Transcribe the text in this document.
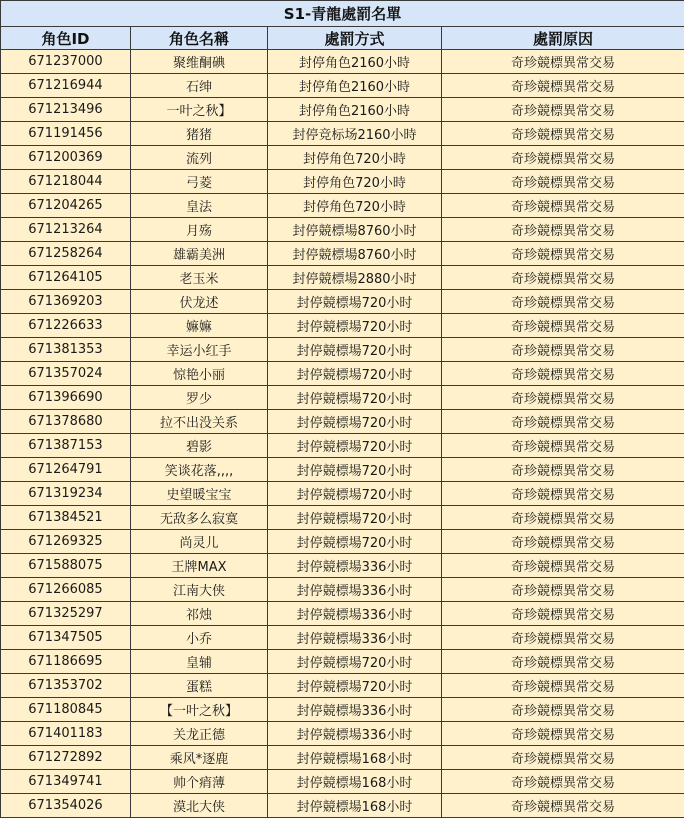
S1-青龍處罰名單			
角色ID	角色名稱	處罰方式	處罰原因
671237000	聚维酮碘	封停角色2160小時	奇珍競標異常交易
671216944	石绅	封停角色2160小時	奇珍競標異常交易
671213496	一叶之秋】	封停角色2160小時	奇珍競標異常交易
671191456	猪猪	封停竞标场2160小時	奇珍競標異常交易
671200369	流列	封停角色720小時	奇珍競標異常交易
671218044	弓菱	封停角色720小時	奇珍競標異常交易
671204265	皇法	封停角色720小時	奇珍競標異常交易
671213264	月殇	封停競標場8760小时	奇珍競標異常交易
671258264	雄霸美洲	封停競標場8760小时	奇珍競標異常交易
671264105	老玉米	封停競標場2880小时	奇珍競標異常交易
671369203	伏龙述	封停競標場720小时	奇珍競標異常交易
671226633	嫲嫲	封停競標場720小时	奇珍競標異常交易
671381353	幸运小红手	封停競標場720小时	奇珍競標異常交易
671357024	惊艳小丽	封停競標場720小时	奇珍競標異常交易
671396690	罗少	封停競標場720小时	奇珍競標異常交易
671378680	拉不出没关系	封停競標場720小时	奇珍競標異常交易
671387153	碧影	封停競標場720小时	奇珍競標異常交易
671264791	笑谈花落,,,,	封停競標場720小时	奇珍競標異常交易
671319234	史望暖宝宝	封停競標場720小时	奇珍競標異常交易
671384521	无敌多么寂寞	封停競標場720小时	奇珍競標異常交易
671269325	尚灵儿	封停競標場720小时	奇珍競標異常交易
671588075	王牌MAX	封停競標場336小时	奇珍競標異常交易
671266085	江南大侠	封停競標場336小时	奇珍競標異常交易
671325297	祁烛	封停競標場336小时	奇珍競標異常交易
671347505	小乔	封停競標場336小时	奇珍競標異常交易
671186695	皇辅	封停競標場720小时	奇珍競標異常交易
671353702	蛋糕	封停競標場720小时	奇珍競標異常交易
671180845	【一叶之秋】	封停競標場336小时	奇珍競標異常交易
671401183	关龙正德	封停競標場336小时	奇珍競標異常交易
671272892	乘风*逐鹿	封停競標場168小时	奇珍競標異常交易
671349741	帅个痟薄	封停競標場168小时	奇珍競標異常交易
671354026	漠北大侠	封停競標場168小时	奇珍競標異常交易
